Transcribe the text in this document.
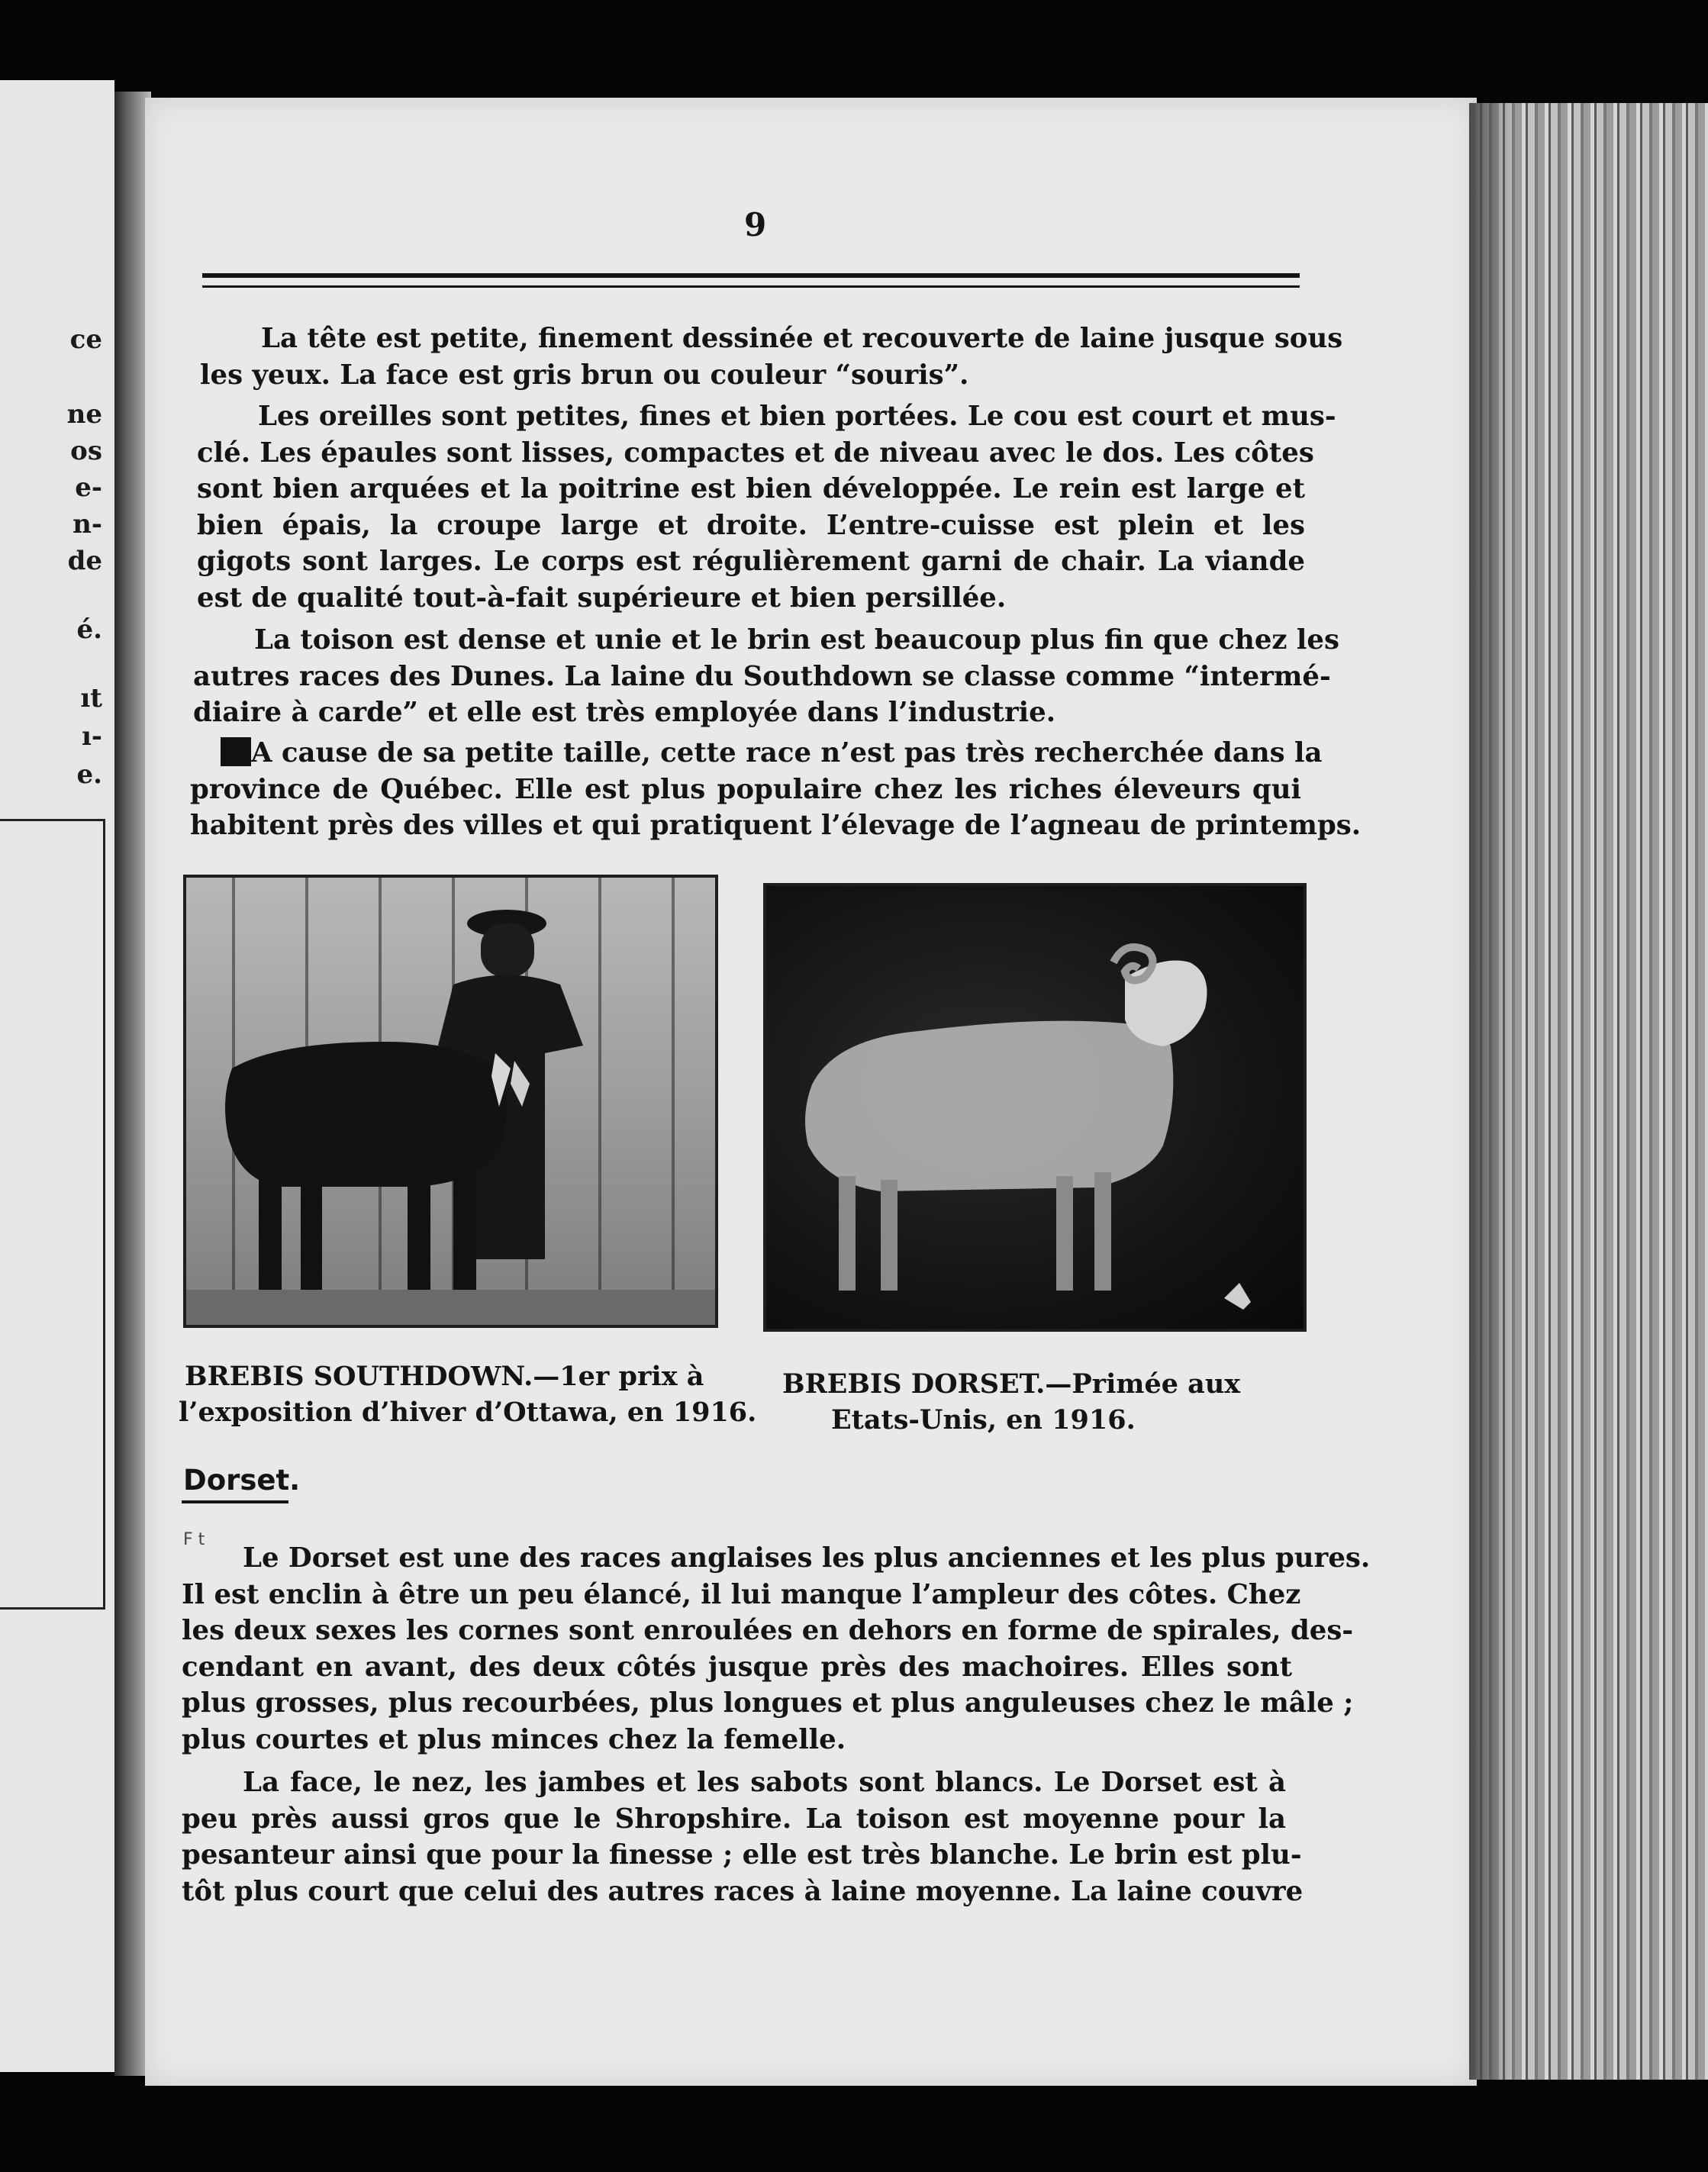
ce
ne
os
e-
n-
de
é.
ıt
ı-
e.
9

La tête est petite, finement dessinée et recouverte de laine jusque sous
les yeux. La face est gris brun ou couleur “souris”.

Les oreilles sont petites, fines et bien portées. Le cou est court et mus-
clé. Les épaules sont lisses, compactes et de niveau avec le dos. Les côtes
sont bien arquées et la poitrine est bien développée. Le rein est large et
bien épais, la croupe large et droite. L’entre-cuisse est plein et les
gigots sont larges. Le corps est régulièrement garni de chair. La viande
est de qualité tout-à-fait supérieure et bien persillée.

La toison est dense et unie et le brin est beaucoup plus fin que chez les
autres races des Dunes. La laine du Southdown se classe comme “intermé-
diaire à carde” et elle est très employée dans l’industrie.

A cause de sa petite taille, cette race n’est pas très recherchée dans la
province de Québec. Elle est plus populaire chez les riches éleveurs qui
habitent près des villes et qui pratiquent l’élevage de l’agneau de printemps.

BREBIS SOUTHDOWN.—1er prix à
l’exposition d’hiver d’Ottawa, en 1916.

BREBIS DORSET.—Primée aux
Etats-Unis, en 1916.

Dorset.
F t

Le Dorset est une des races anglaises les plus anciennes et les plus pures.
Il est enclin à être un peu élancé, il lui manque l’ampleur des côtes. Chez
les deux sexes les cornes sont enroulées en dehors en forme de spirales, des-
cendant en avant, des deux côtés jusque près des machoires. Elles sont
plus grosses, plus recourbées, plus longues et plus anguleuses chez le mâle ;
plus courtes et plus minces chez la femelle.

La face, le nez, les jambes et les sabots sont blancs. Le Dorset est à
peu près aussi gros que le Shropshire. La toison est moyenne pour la
pesanteur ainsi que pour la finesse ; elle est très blanche. Le brin est plu-
tôt plus court que celui des autres races à laine moyenne. La laine couvre
